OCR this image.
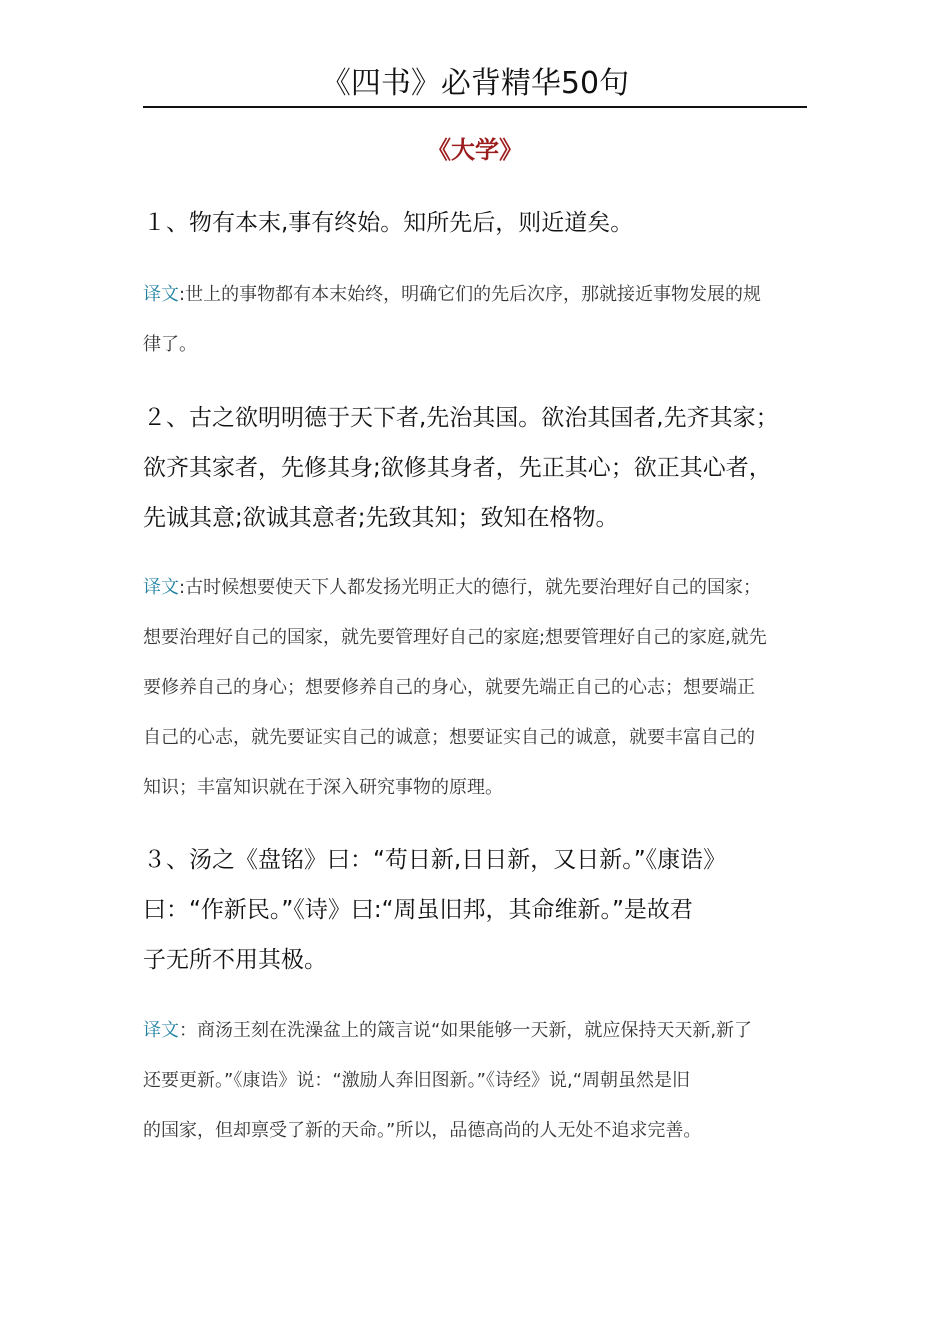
《四书》必背精华50句
《大学》
１、物有本末,事有终始。知所先后，则近道矣。
译文:世上的事物都有本末始终，明确它们的先后次序，那就接近事物发展的规
律了。
２、古之欲明明德于天下者,先治其国。欲治其国者,先齐其家；
欲齐其家者，先修其身;欲修其身者，先正其心；欲正其心者，
先诚其意;欲诚其意者;先致其知；致知在格物。
译文:古时候想要使天下人都发扬光明正大的德行，就先要治理好自己的国家；
想要治理好自己的国家，就先要管理好自己的家庭;想要管理好自己的家庭,就先
要修养自己的身心；想要修养自己的身心，就要先端正自己的心志；想要端正
自己的心志，就先要证实自己的诚意；想要证实自己的诚意，就要丰富自己的
知识；丰富知识就在于深入研究事物的原理。
３、汤之《盘铭》曰：“苟日新,日日新，又日新。”《康诰》
曰：“作新民。”《诗》曰:“周虽旧邦，其命维新。”是故君
子无所不用其极。
译文：商汤王刻在洗澡盆上的箴言说“如果能够一天新，就应保持天天新,新了
还要更新。”《康诰》说：“激励人奔旧图新。”《诗经》说,“周朝虽然是旧
的国家，但却禀受了新的天命。”所以，品德高尚的人无处不追求完善。
